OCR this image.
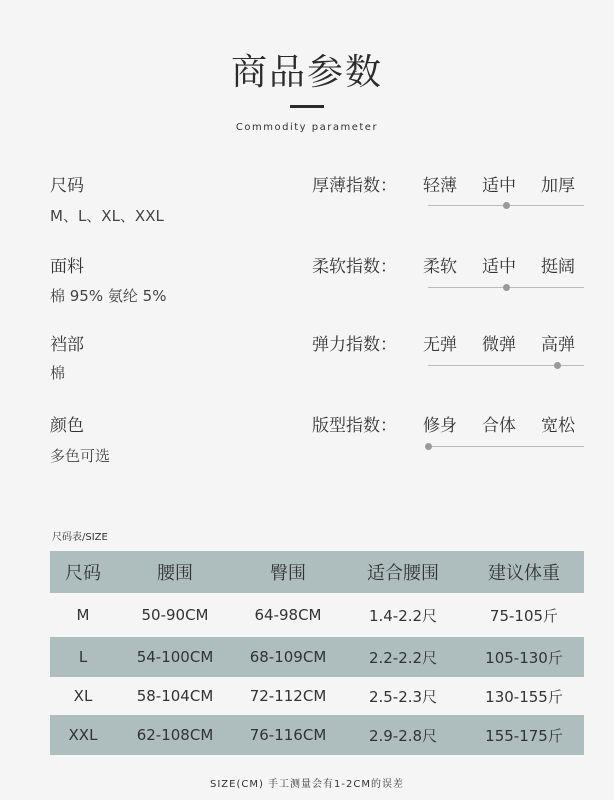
商品参数
Commodity parameter
尺码
M、L、XL、XXL
面料
棉 95% 氨纶 5%
裆部
棉
颜色
多色可选
厚薄指数：	轻薄	适中	加厚
柔软指数：	柔软	适中	挺阔
弹力指数：	无弹	微弹	高弹
版型指数：	修身	合体	宽松
尺码表/SIZE
尺码	腰围	臀围	适合腰围	建议体重
M	50-90CM	64-98CM	1.4-2.2尺	75-105斤
L	54-100CM	68-109CM	2.2-2.2尺	105-130斤
XL	58-104CM	72-112CM	2.5-2.3尺	130-155斤
XXL	62-108CM	76-116CM	2.9-2.8尺	155-175斤
SIZE(CM) 手工测量会有1-2CM的误差
